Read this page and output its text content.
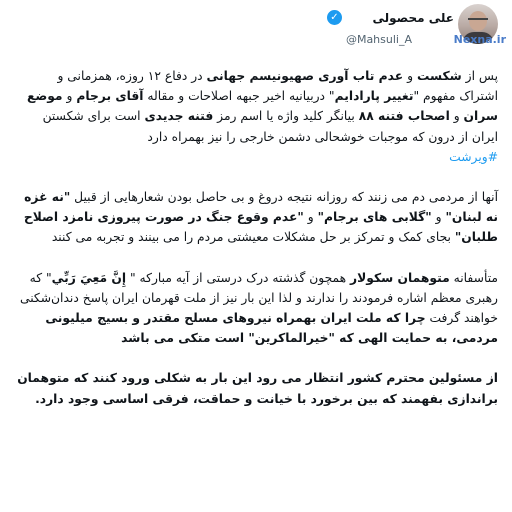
علی محصولی
✓
@Mahsuli_A	Nexna.ir

پس از شکست و عدم تاب آوری صهیونیسم جهانی در دفاع ۱۲ روزه، همزمانی و اشتراک مفهوم "تغییر پارادایم" دربیانیه اخیر جبهه اصلاحات و مقاله آقای برجام و موضع سران و اصحاب فتنه ۸۸ بیانگر کلید واژه یا اسم رمز فتنه جدیدی است برای شکستن ایران از درون که موجبات خوشحالی دشمن خارجی را نیز بهمراه دارد
#ویرشت

آنها از مردمی دم می زنند که روزانه نتیجه دروغ و بی حاصل بودن شعارهایی از قبیل "نه غزه نه لبنان" و "گلابی های برجام" و "عدم وقوع جنگ در صورت پیروزی نامزد اصلاح طلبان" بجای کمک و تمرکز بر حل مشکلات معیشتی مردم را می بینند و تجربه می کنند

متأسفانه متوهمان سکولار همچون گذشته درک درستی از آیه مبارکه " إِنَّ مَعِيَ رَبِّي" که رهبری معظم اشاره فرمودند را ندارند و لذا این بار نیز از ملت قهرمان ایران پاسخ دندان‌شکنی خواهند گرفت چرا که ملت ایران بهمراه نیروهای مسلح مقتدر و بسیج میلیونی مردمی، به حمایت الهی که "خیرالماکرین" است متکی می باشد

از مسئولین محترم کشور انتظار می رود این بار به شکلی ورود کنند که متوهمان براندازی بفهمند که بین برخورد با خیانت و حماقت، فرقی اساسی وجود دارد.
